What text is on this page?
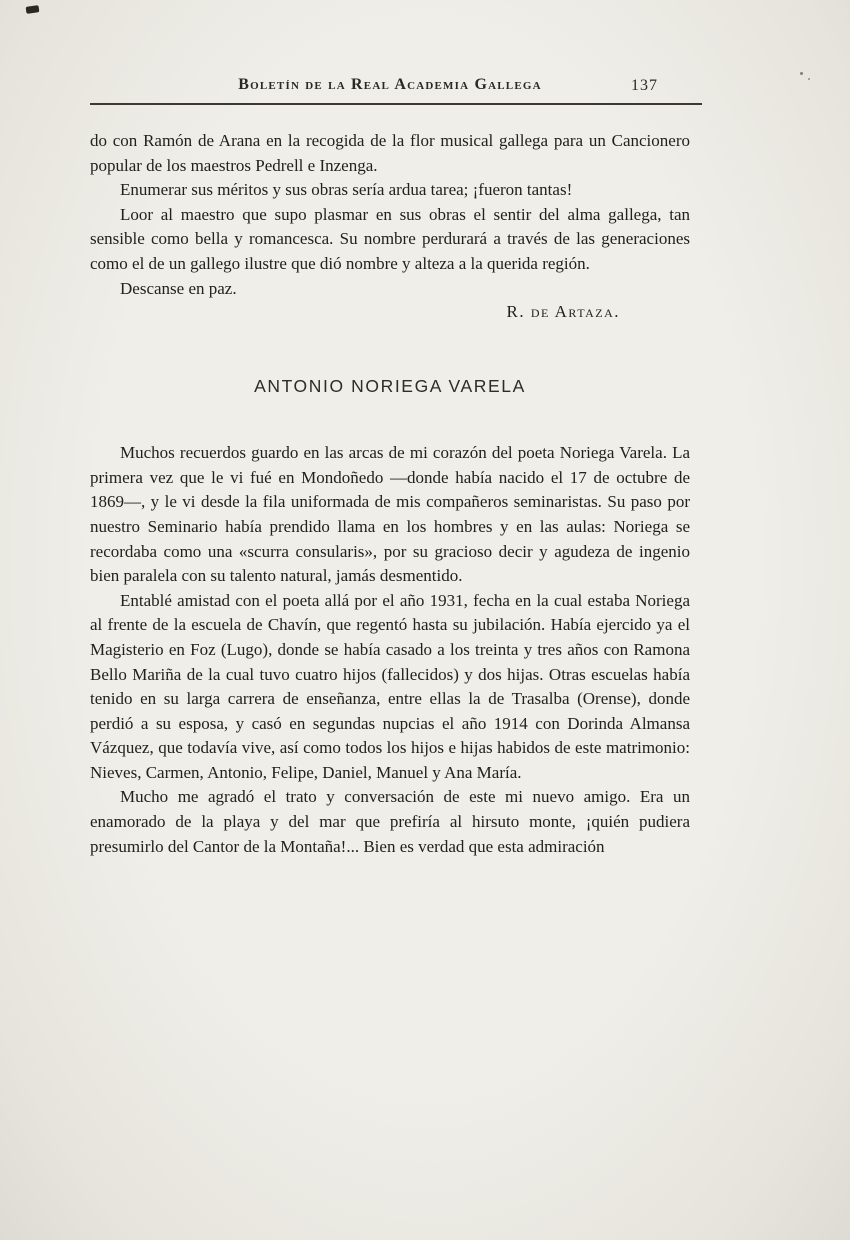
Boletín de la Real Academia Gallega	137

do con Ramón de Arana en la recogida de la flor musical gallega para un Cancionero popular de los maestros Pedrell e Inzenga.

Enumerar sus méritos y sus obras sería ardua tarea; ¡fueron tantas!

Loor al maestro que supo plasmar en sus obras el sentir del alma gallega, tan sensible como bella y romancesca. Su nombre perdurará a través de las generaciones como el de un gallego ilustre que dió nombre y alteza a la querida región.

Descanse en paz.

R. de Artaza.
ANTONIO NORIEGA VARELA

Muchos recuerdos guardo en las arcas de mi corazón del poeta Noriega Varela. La primera vez que le vi fué en Mondoñedo —donde había nacido el 17 de octubre de 1869—, y le vi desde la fila uniformada de mis compañeros seminaristas. Su paso por nuestro Seminario había prendido llama en los hombres y en las aulas: Noriega se recordaba como una «scurra consularis», por su gracioso decir y agudeza de ingenio bien paralela con su talento natural, jamás desmentido.

Entablé amistad con el poeta allá por el año 1931, fecha en la cual estaba Noriega al frente de la escuela de Chavín, que regentó hasta su jubilación. Había ejercido ya el Magisterio en Foz (Lugo), donde se había casado a los treinta y tres años con Ramona Bello Mariña de la cual tuvo cuatro hijos (fallecidos) y dos hijas. Otras escuelas había tenido en su larga carrera de enseñanza, entre ellas la de Trasalba (Orense), donde perdió a su esposa, y casó en segundas nupcias el año 1914 con Dorinda Almansa Vázquez, que todavía vive, así como todos los hijos e hijas habidos de este matrimonio: Nieves, Carmen, Antonio, Felipe, Daniel, Manuel y Ana María.

Mucho me agradó el trato y conversación de este mi nuevo amigo. Era un enamorado de la playa y del mar que prefiría al hirsuto monte, ¡quién pudiera presumirlo del Cantor de la Montaña!... Bien es verdad que esta admiración
